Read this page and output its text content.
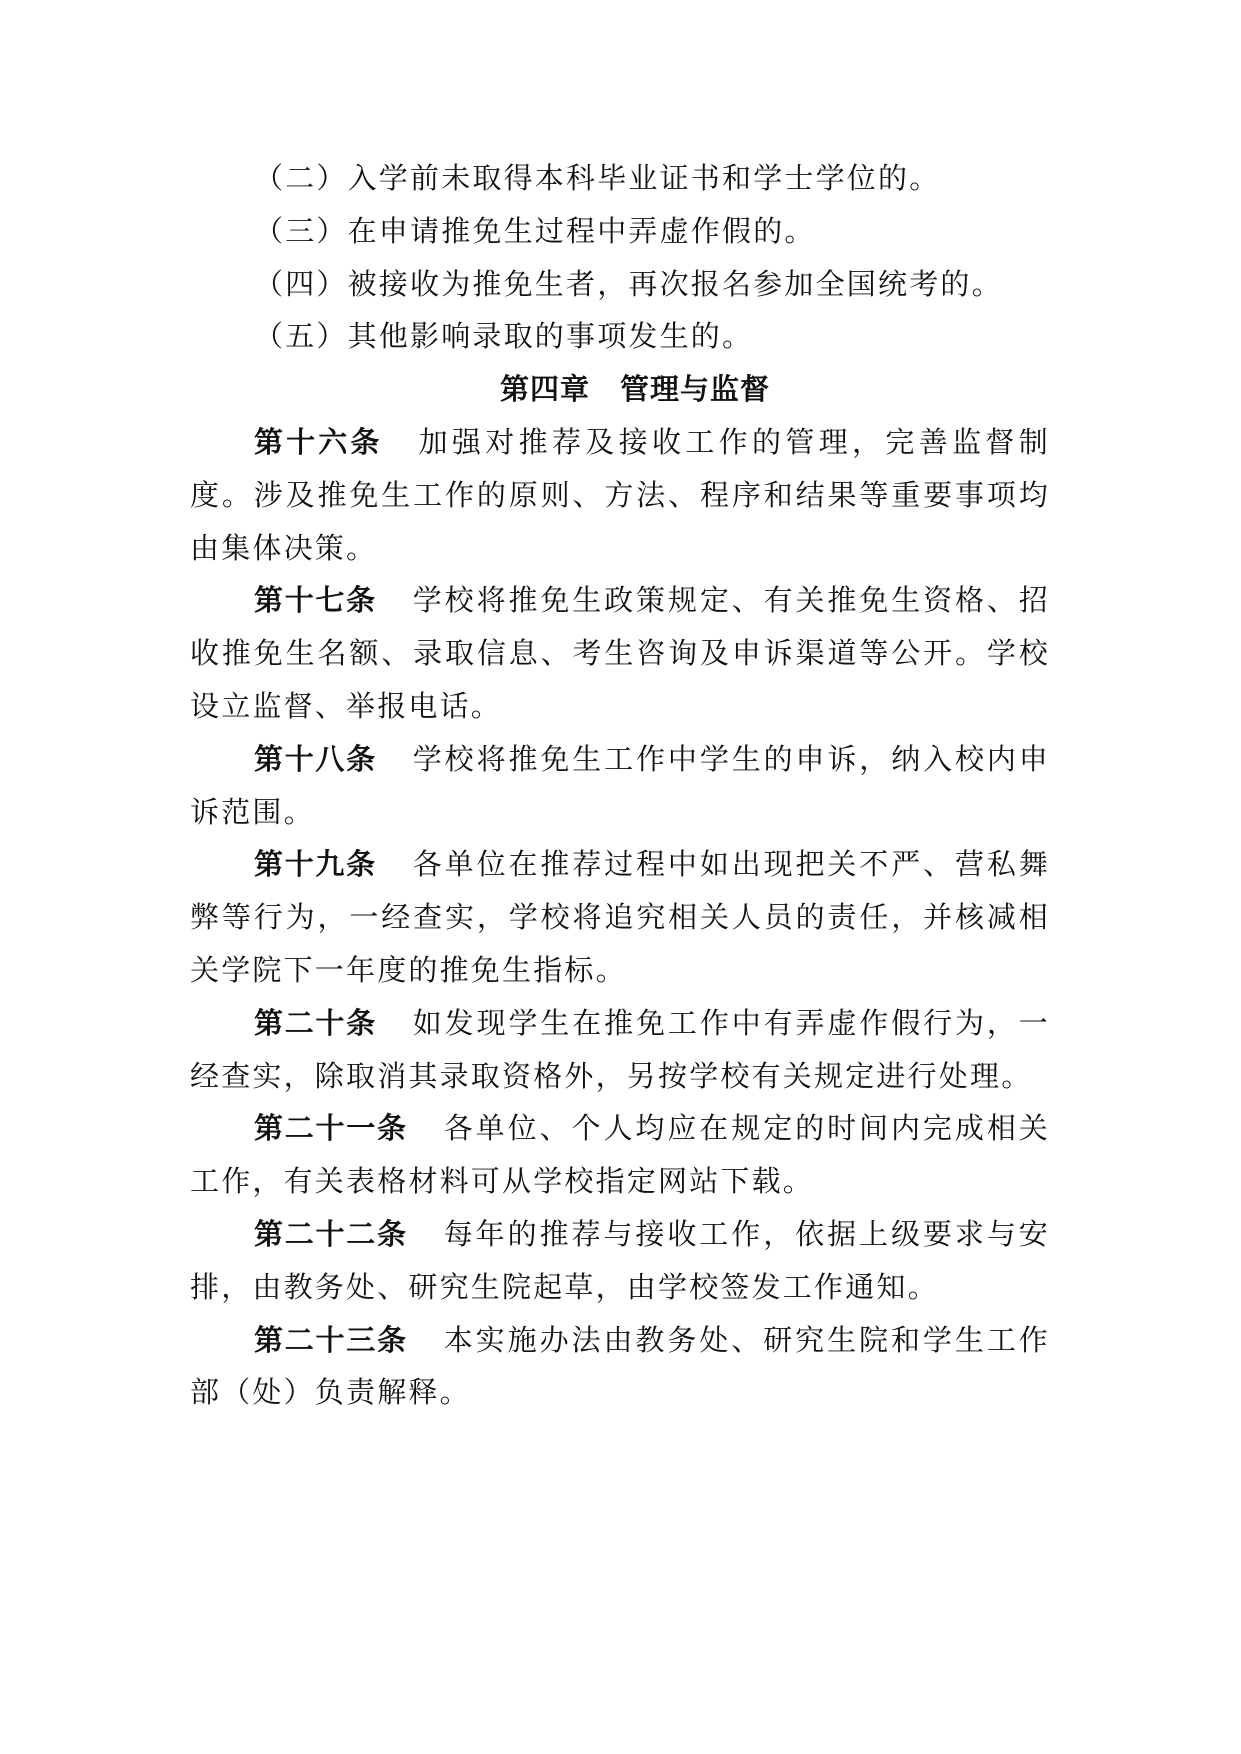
（二）入学前未取得本科毕业证书和学士学位的。

（三）在申请推免生过程中弄虚作假的。

（四）被接收为推免生者，再次报名参加全国统考的。

（五）其他影响录取的事项发生的。

第四章 管理与监督

第十六条 加强对推荐及接收工作的管理，完善监督制度。涉及推免生工作的原则、方法、程序和结果等重要事项均由集体决策。

第十七条 学校将推免生政策规定、有关推免生资格、招收推免生名额、录取信息、考生咨询及申诉渠道等公开。学校设立监督、举报电话。

第十八条 学校将推免生工作中学生的申诉，纳入校内申诉范围。

第十九条 各单位在推荐过程中如出现把关不严、营私舞弊等行为，一经查实，学校将追究相关人员的责任，并核减相关学院下一年度的推免生指标。

第二十条 如发现学生在推免工作中有弄虚作假行为，一经查实，除取消其录取资格外，另按学校有关规定进行处理。

第二十一条 各单位、个人均应在规定的时间内完成相关工作，有关表格材料可从学校指定网站下载。

第二十二条 每年的推荐与接收工作，依据上级要求与安排，由教务处、研究生院起草，由学校签发工作通知。

第二十三条 本实施办法由教务处、研究生院和学生工作部（处）负责解释。
